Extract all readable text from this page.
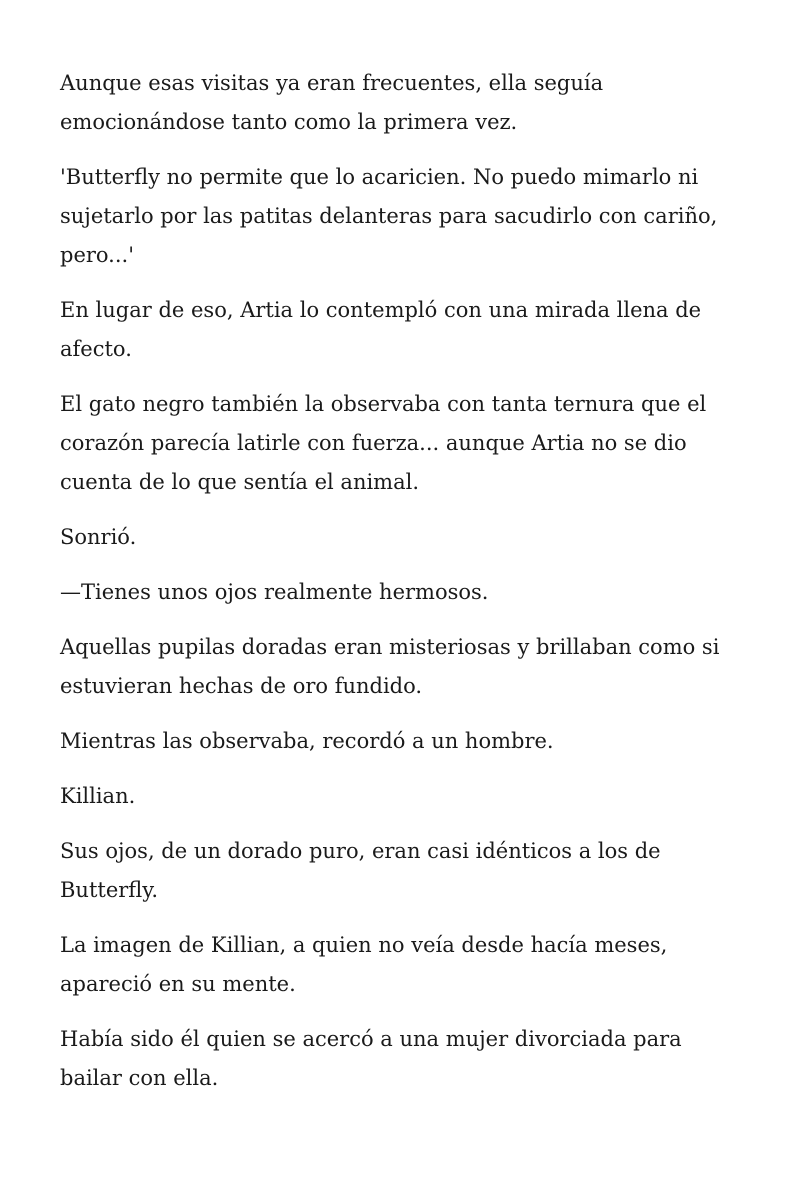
Aunque esas visitas ya eran frecuentes, ella seguía emocionándose tanto como la primera vez.

'Butterfly no permite que lo acaricien. No puedo mimarlo ni sujetarlo por las patitas delanteras para sacudirlo con cariño, pero...'

En lugar de eso, Artia lo contempló con una mirada llena de afecto.

El gato negro también la observaba con tanta ternura que el corazón parecía latirle con fuerza... aunque Artia no se dio cuenta de lo que sentía el animal.

Sonrió.

—Tienes unos ojos realmente hermosos.

Aquellas pupilas doradas eran misteriosas y brillaban como si estuvieran hechas de oro fundido.

Mientras las observaba, recordó a un hombre.

Killian.

Sus ojos, de un dorado puro, eran casi idénticos a los de Butterfly.

La imagen de Killian, a quien no veía desde hacía meses, apareció en su mente.

Había sido él quien se acercó a una mujer divorciada para bailar con ella.
